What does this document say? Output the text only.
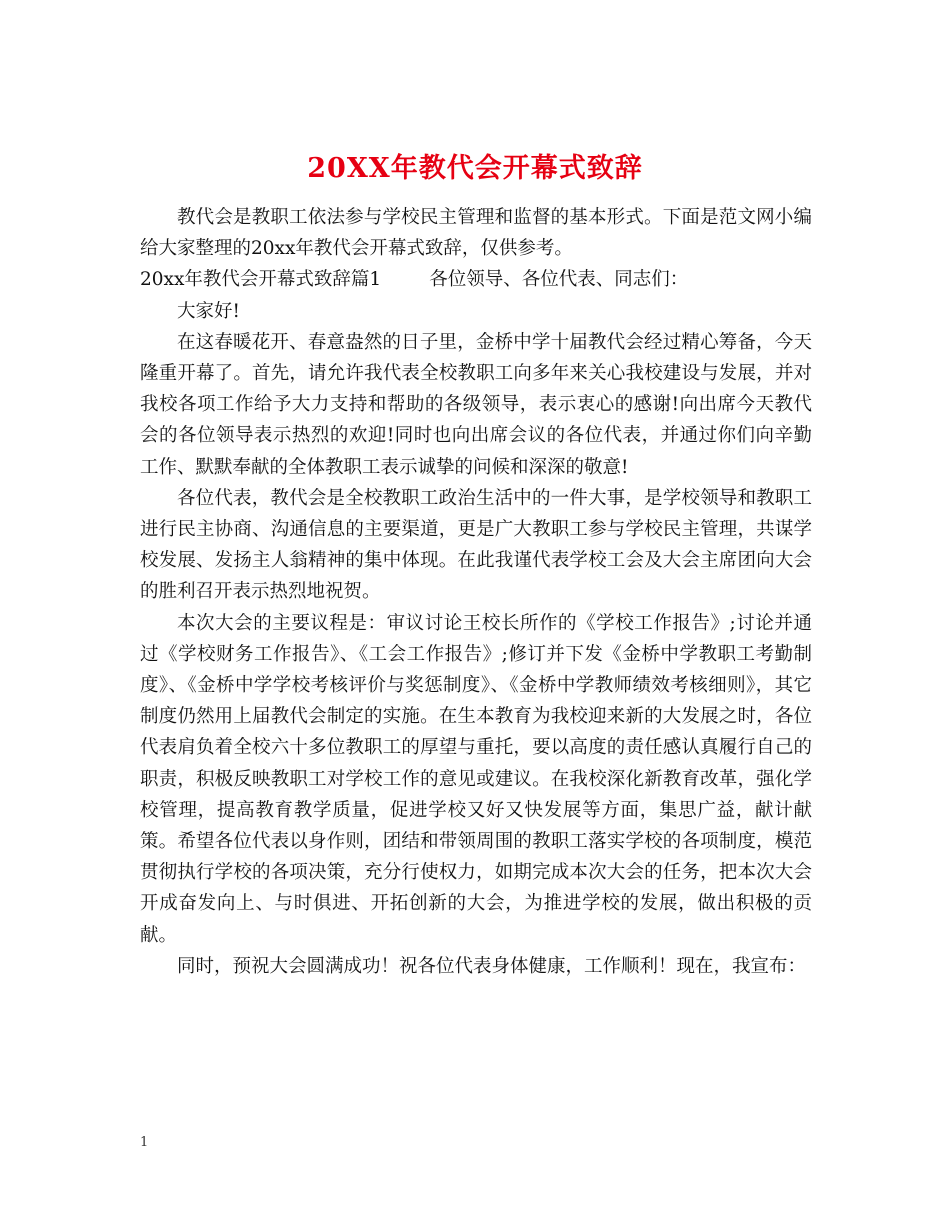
20XX年教代会开幕式致辞

教代会是教职工依法参与学校民主管理和监督的基本形式。下面是范文网小编给大家整理的20xx年教代会开幕式致辞，仅供参考。

20xx年教代会开幕式致辞篇1	各位领导、各位代表、同志们：

大家好!

在这春暖花开、春意盎然的日子里，金桥中学十届教代会经过精心筹备，今天隆重开幕了。首先，请允许我代表全校教职工向多年来关心我校建设与发展，并对我校各项工作给予大力支持和帮助的各级领导，表示衷心的感谢!向出席今天教代会的各位领导表示热烈的欢迎!同时也向出席会议的各位代表，并通过你们向辛勤工作、默默奉献的全体教职工表示诚挚的问候和深深的敬意!

各位代表，教代会是全校教职工政治生活中的一件大事，是学校领导和教职工进行民主协商、沟通信息的主要渠道，更是广大教职工参与学校民主管理，共谋学校发展、发扬主人翁精神的集中体现。在此我谨代表学校工会及大会主席团向大会的胜利召开表示热烈地祝贺。

本次大会的主要议程是：审议讨论王校长所作的《学校工作报告》;讨论并通过《学校财务工作报告》、《工会工作报告》;修订并下发《金桥中学教职工考勤制度》、《金桥中学学校考核评价与奖惩制度》、《金桥中学教师绩效考核细则》，其它制度仍然用上届教代会制定的实施。在生本教育为我校迎来新的大发展之时，各位代表肩负着全校六十多位教职工的厚望与重托，要以高度的责任感认真履行自己的职责，积极反映教职工对学校工作的意见或建议。在我校深化新教育改革，强化学校管理，提高教育教学质量，促进学校又好又快发展等方面，集思广益，献计献策。希望各位代表以身作则，团结和带领周围的教职工落实学校的各项制度，模范贯彻执行学校的各项决策，充分行使权力，如期完成本次大会的任务，把本次大会开成奋发向上、与时俱进、开拓创新的大会，为推进学校的发展，做出积极的贡献。

同时，预祝大会圆满成功！祝各位代表身体健康，工作顺利！现在，我宣布：

1
